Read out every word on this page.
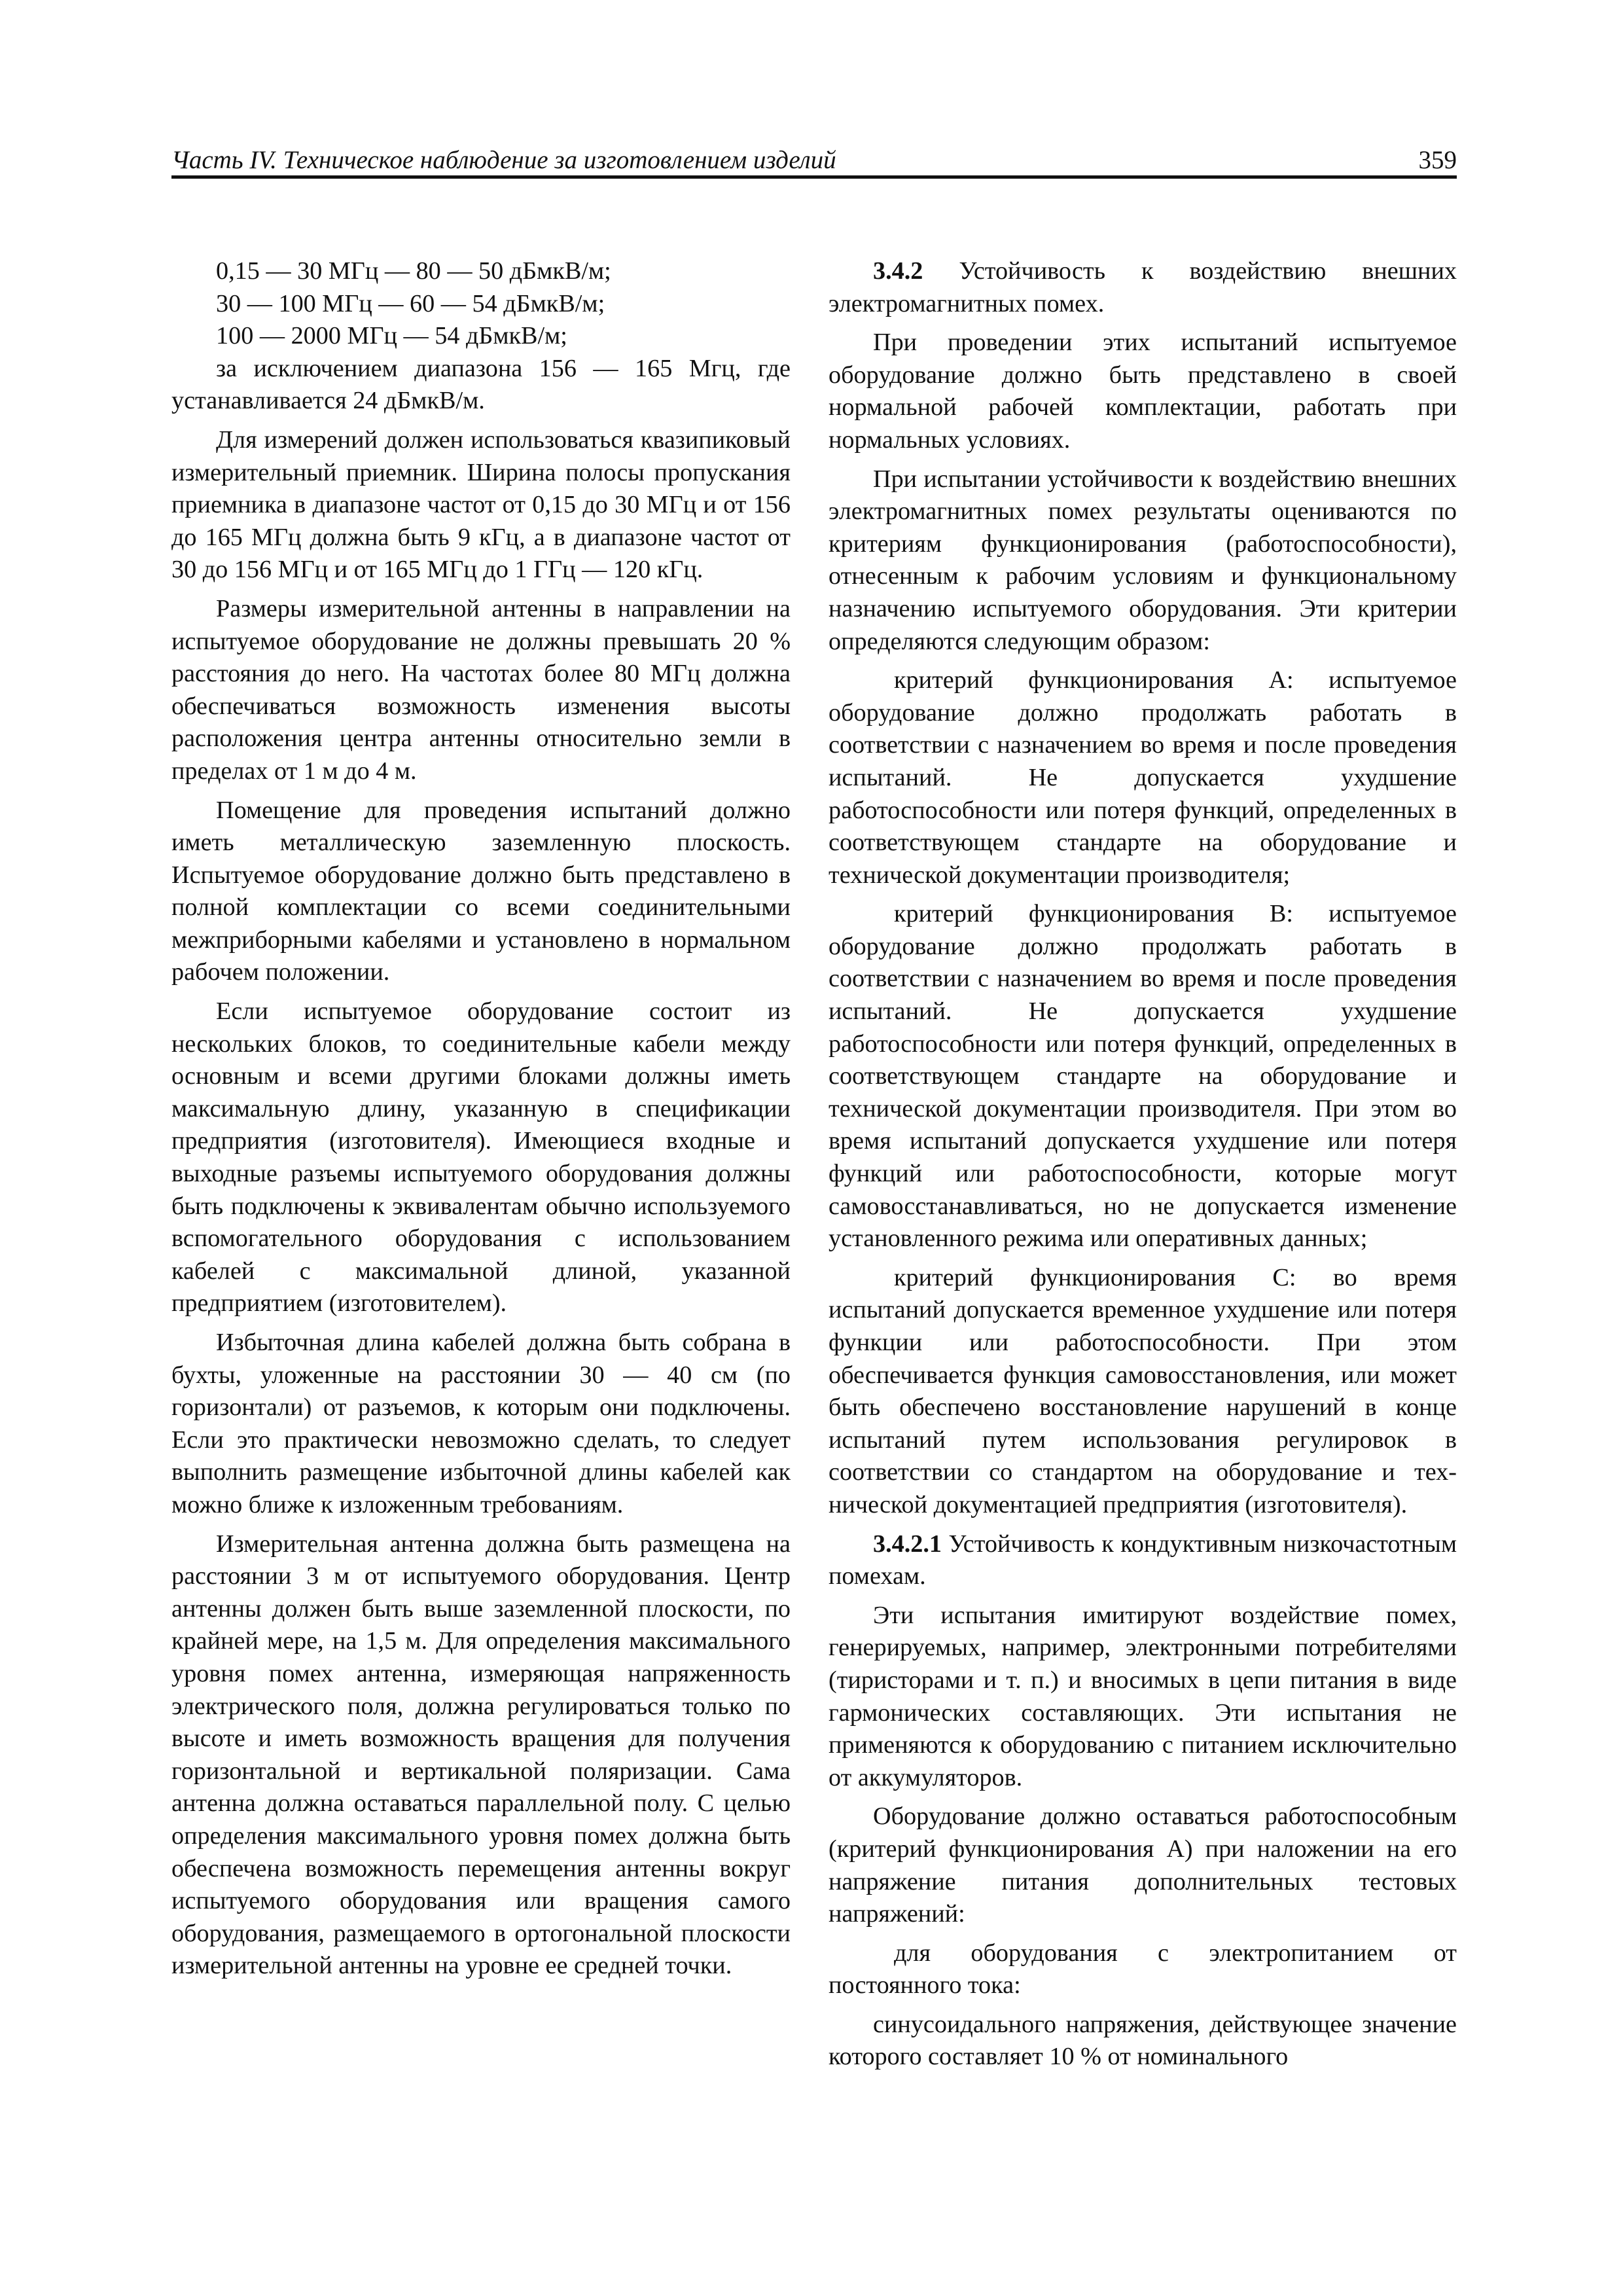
Часть IV. Техническое наблюдение за изготовлением изделий	359

0,15 — 30 МГц — 80 — 50 дБмкВ/м;

30 — 100 МГц — 60 — 54 дБмкВ/м;

100 — 2000 МГц — 54 дБмкВ/м;

за исключением диапазона 156 — 165 Мгц, где устанавливается 24 дБмкВ/м.

Для измерений должен использоваться квазипиковый измерительный приемник. Ширина полосы пропускания приемника в диапазоне частот от 0,15 до 30 МГц и от 156 до 165 МГц должна быть 9 кГц, а в диапазоне частот от 30 до 156 МГц и от 165 МГц до 1 ГГц — 120 кГц.

Размеры измерительной антенны в направлении на испытуемое оборудование не должны превышать 20 % расстояния до него. На частотах более 80 МГц должна обеспечиваться возможность изменения высоты расположения центра антенны относительно земли в пределах от 1 м до 4 м.

Помещение для проведения испытаний должно иметь металлическую заземленную плоскость. Испытуемое оборудование должно быть представлено в полной комплектации со всеми соединительными межприборными кабелями и установлено в нормальном рабочем положении.

Если испытуемое оборудование состоит из нескольких блоков, то соединительные кабели между основным и всеми другими блоками должны иметь максимальную длину, указанную в спецификации предприятия (изготовителя). Имеющиеся входные и выходные разъемы испытуемого оборудования должны быть подключены к эквивалентам обычно используемого вспомогательного оборудования с использованием кабелей с максимальной длиной, указанной предприятием (изготовителем).

Избыточная длина кабелей должна быть собрана в бухты, уложенные на расстоянии 30 — 40 см (по горизонтали) от разъемов, к которым они подключены. Если это практически невозможно сделать, то следует выполнить размещение избыточной длины кабелей как можно ближе к изложенным требованиям.

Измерительная антенна должна быть размещена на расстоянии 3 м от испытуемого оборудования. Центр антенны должен быть выше заземленной плоскости, по крайней мере, на 1,5 м. Для определения максимального уровня помех антенна, измеряющая напряженность электрического поля, должна регулироваться только по высоте и иметь возможность вращения для получения горизонтальной и вертикальной поляризации. Сама антенна должна оставаться параллельной полу. С целью определения максимального уровня помех должна быть обеспечена возможность перемещения антенны вокруг испытуемого оборудования или вращения самого оборудования, размещаемого в ортогональной плоскости измерительной антенны на уровне ее средней точки.

3.4.2 Устойчивость к воздействию внешних электромагнитных помех.

При проведении этих испытаний испытуемое оборудование должно быть представлено в своей нормальной рабочей комплектации, работать при нормальных условиях.

При испытании устойчивости к воздействию внешних электромагнитных помех результаты оцениваются по критериям функционирования (работоспособности), отнесенным к рабочим условиям и функциональному назначению испытуемого оборудования. Эти критерии определяются следующим образом:

критерий функционирования А: испытуемое оборудование должно продолжать работать в соответствии с назначением во время и после проведения испытаний. Не допускается ухудшение работоспособности или потеря функций, определенных в соответствующем стандарте на оборудование и технической документации производителя;

критерий функционирования В: испытуемое оборудование должно продолжать работать в соответствии с назначением во время и после проведения испытаний. Не допускается ухудшение работоспособности или потеря функций, определенных в соответствующем стандарте на оборудование и технической документации производителя. При этом во время испытаний допускается ухудшение или потеря функций или работоспособности, которые могут самовосстанавливаться, но не допускается изменение установленного режима или оперативных данных;

критерий функционирования С: во время испытаний допускается временное ухудшение или потеря функции или работоспособности. При этом обеспечивается функция самовосстановления, или может быть обеспечено восстановление нарушений в конце испытаний путем использования регулировок в соответствии со стандартом на оборудование и технической документацией предприятия (изготовителя).

3.4.2.1 Устойчивость к кондуктивным низкочастотным помехам.

Эти испытания имитируют воздействие помех, генерируемых, например, электронными потребителями (тиристорами и т. п.) и вносимых в цепи питания в виде гармонических составляющих. Эти испытания не применяются к оборудованию с питанием исключительно от аккумуляторов.

Оборудование должно оставаться работоспособным (критерий функционирования А) при наложении на его напряжение питания дополнительных тестовых напряжений:

для оборудования с электропитанием от постоянного тока:

синусоидального напряжения, действующее значение которого составляет 10 % от номинального
